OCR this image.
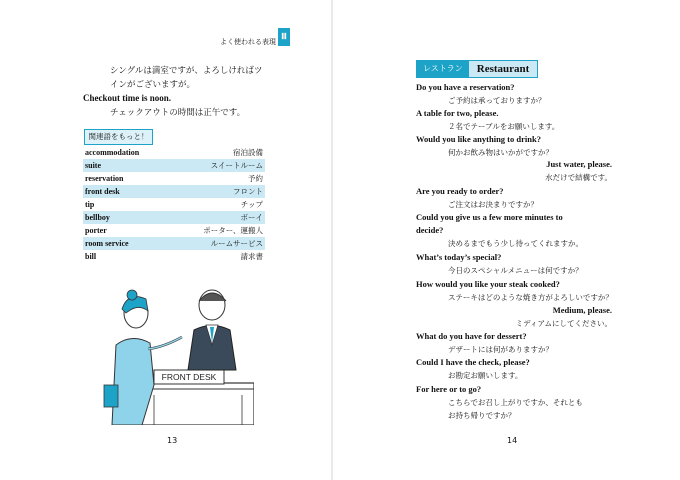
よく使われる表現
Ⅲ
シングルは満室ですが、よろしければツ
インがございますが。
Checkout time is noon.
チェックアウトの時間は正午です。
関連語をもっと！
accommodation	宿泊設備
suite	スイートルーム
reservation	予約
front desk	フロント
tip	チップ
bellboy	ボーイ
porter	ポーター、運搬人
room service	ルームサービス
bill	請求書
FRONT DESK
13
レストラン	Restaurant
Do you have a reservation?
ご予約は承っておりますか？
A table for two, please.
２名でテーブルをお願いします。
Would you like anything to drink?
何かお飲み物はいかがですか？
Just water, please.
水だけで結構です。
Are you ready to order?
ご注文はお決まりですか？
Could you give us a few more minutes to
decide?
決めるまでもう少し待ってくれますか。
What’s today’s special?
今日のスペシャルメニューは何ですか？
How would you like your steak cooked?
ステーキはどのような焼き方がよろしいですか？
Medium, please.
ミディアムにしてください。
What do you have for dessert?
デザートには何がありますか？
Could I have the check, please?
お勘定お願いします。
For here or to go?
こちらでお召し上がりですか、それとも
お持ち帰りですか？
14
